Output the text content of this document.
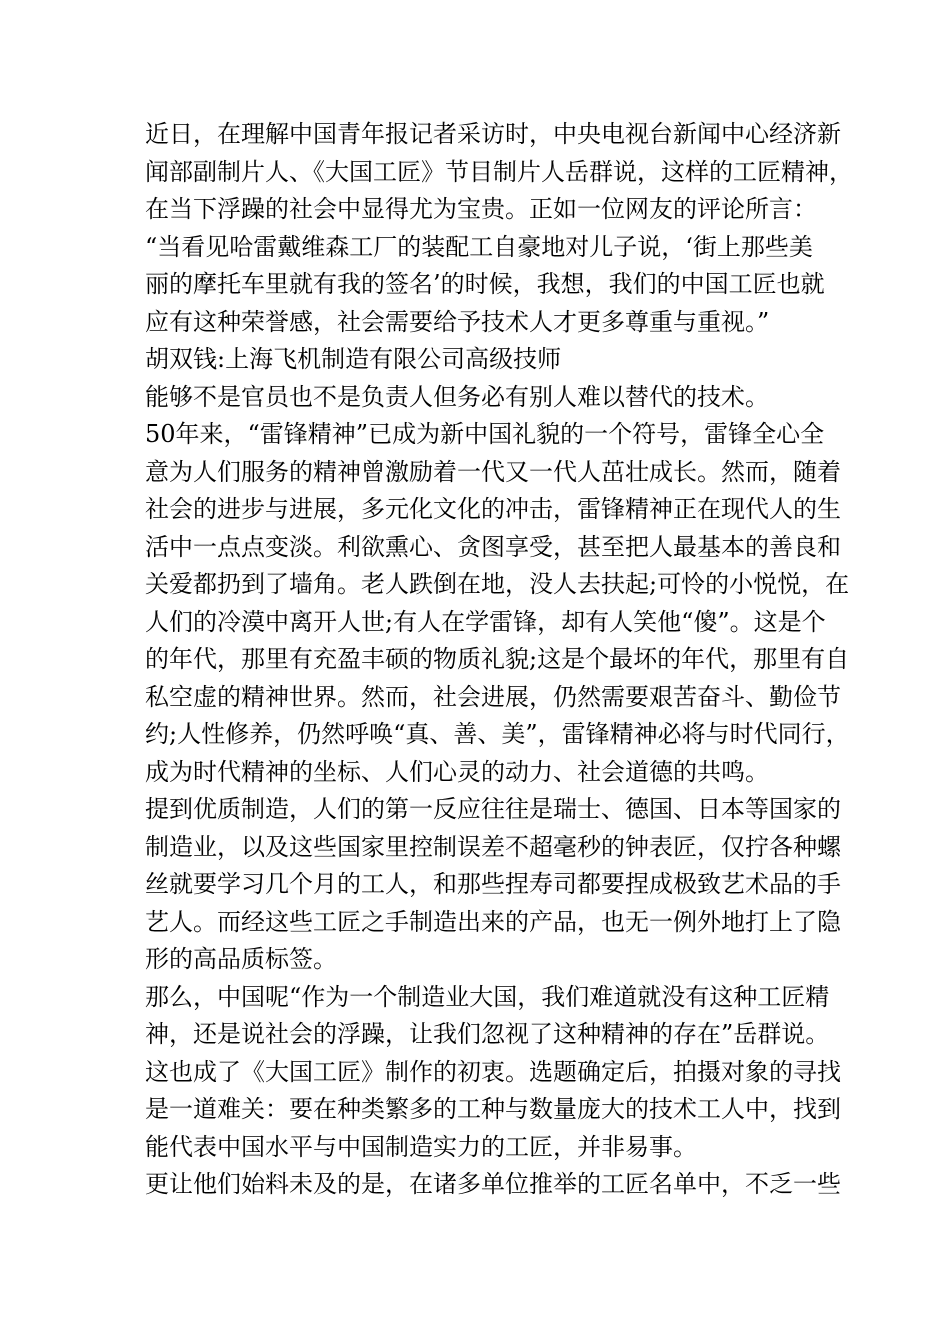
近日，在理解中国青年报记者采访时，中央电视台新闻中心经济新
闻部副制片人、《大国工匠》节目制片人岳群说，这样的工匠精神，
在当下浮躁的社会中显得尤为宝贵。正如一位网友的评论所言：
“当看见哈雷戴维森工厂的装配工自豪地对儿子说，‘街上那些美
丽的摩托车里就有我的签名’的时候，我想，我们的中国工匠也就
应有这种荣誉感，社会需要给予技术人才更多尊重与重视。”
胡双钱:上海飞机制造有限公司高级技师
能够不是官员也不是负责人但务必有别人难以替代的技术。
50年来，“雷锋精神”已成为新中国礼貌的一个符号，雷锋全心全
意为人们服务的精神曾激励着一代又一代人茁壮成长。然而，随着
社会的进步与进展，多元化文化的冲击，雷锋精神正在现代人的生
活中一点点变淡。利欲熏心、贪图享受，甚至把人最基本的善良和
关爱都扔到了墙角。老人跌倒在地，没人去扶起;可怜的小悦悦，在
人们的冷漠中离开人世;有人在学雷锋，却有人笑他“傻”。这是个
的年代，那里有充盈丰硕的物质礼貌;这是个最坏的年代，那里有自
私空虚的精神世界。然而，社会进展，仍然需要艰苦奋斗、勤俭节
约;人性修养，仍然呼唤“真、善、美”，雷锋精神必将与时代同行，
成为时代精神的坐标、人们心灵的动力、社会道德的共鸣。
提到优质制造，人们的第一反应往往是瑞士、德国、日本等国家的
制造业，以及这些国家里控制误差不超毫秒的钟表匠，仅拧各种螺
丝就要学习几个月的工人，和那些捏寿司都要捏成极致艺术品的手
艺人。而经这些工匠之手制造出来的产品，也无一例外地打上了隐
形的高品质标签。
那么，中国呢“作为一个制造业大国，我们难道就没有这种工匠精
神，还是说社会的浮躁，让我们忽视了这种精神的存在”岳群说。
这也成了《大国工匠》制作的初衷。选题确定后，拍摄对象的寻找
是一道难关：要在种类繁多的工种与数量庞大的技术工人中，找到
能代表中国水平与中国制造实力的工匠，并非易事。
更让他们始料未及的是，在诸多单位推举的工匠名单中，不乏一些
